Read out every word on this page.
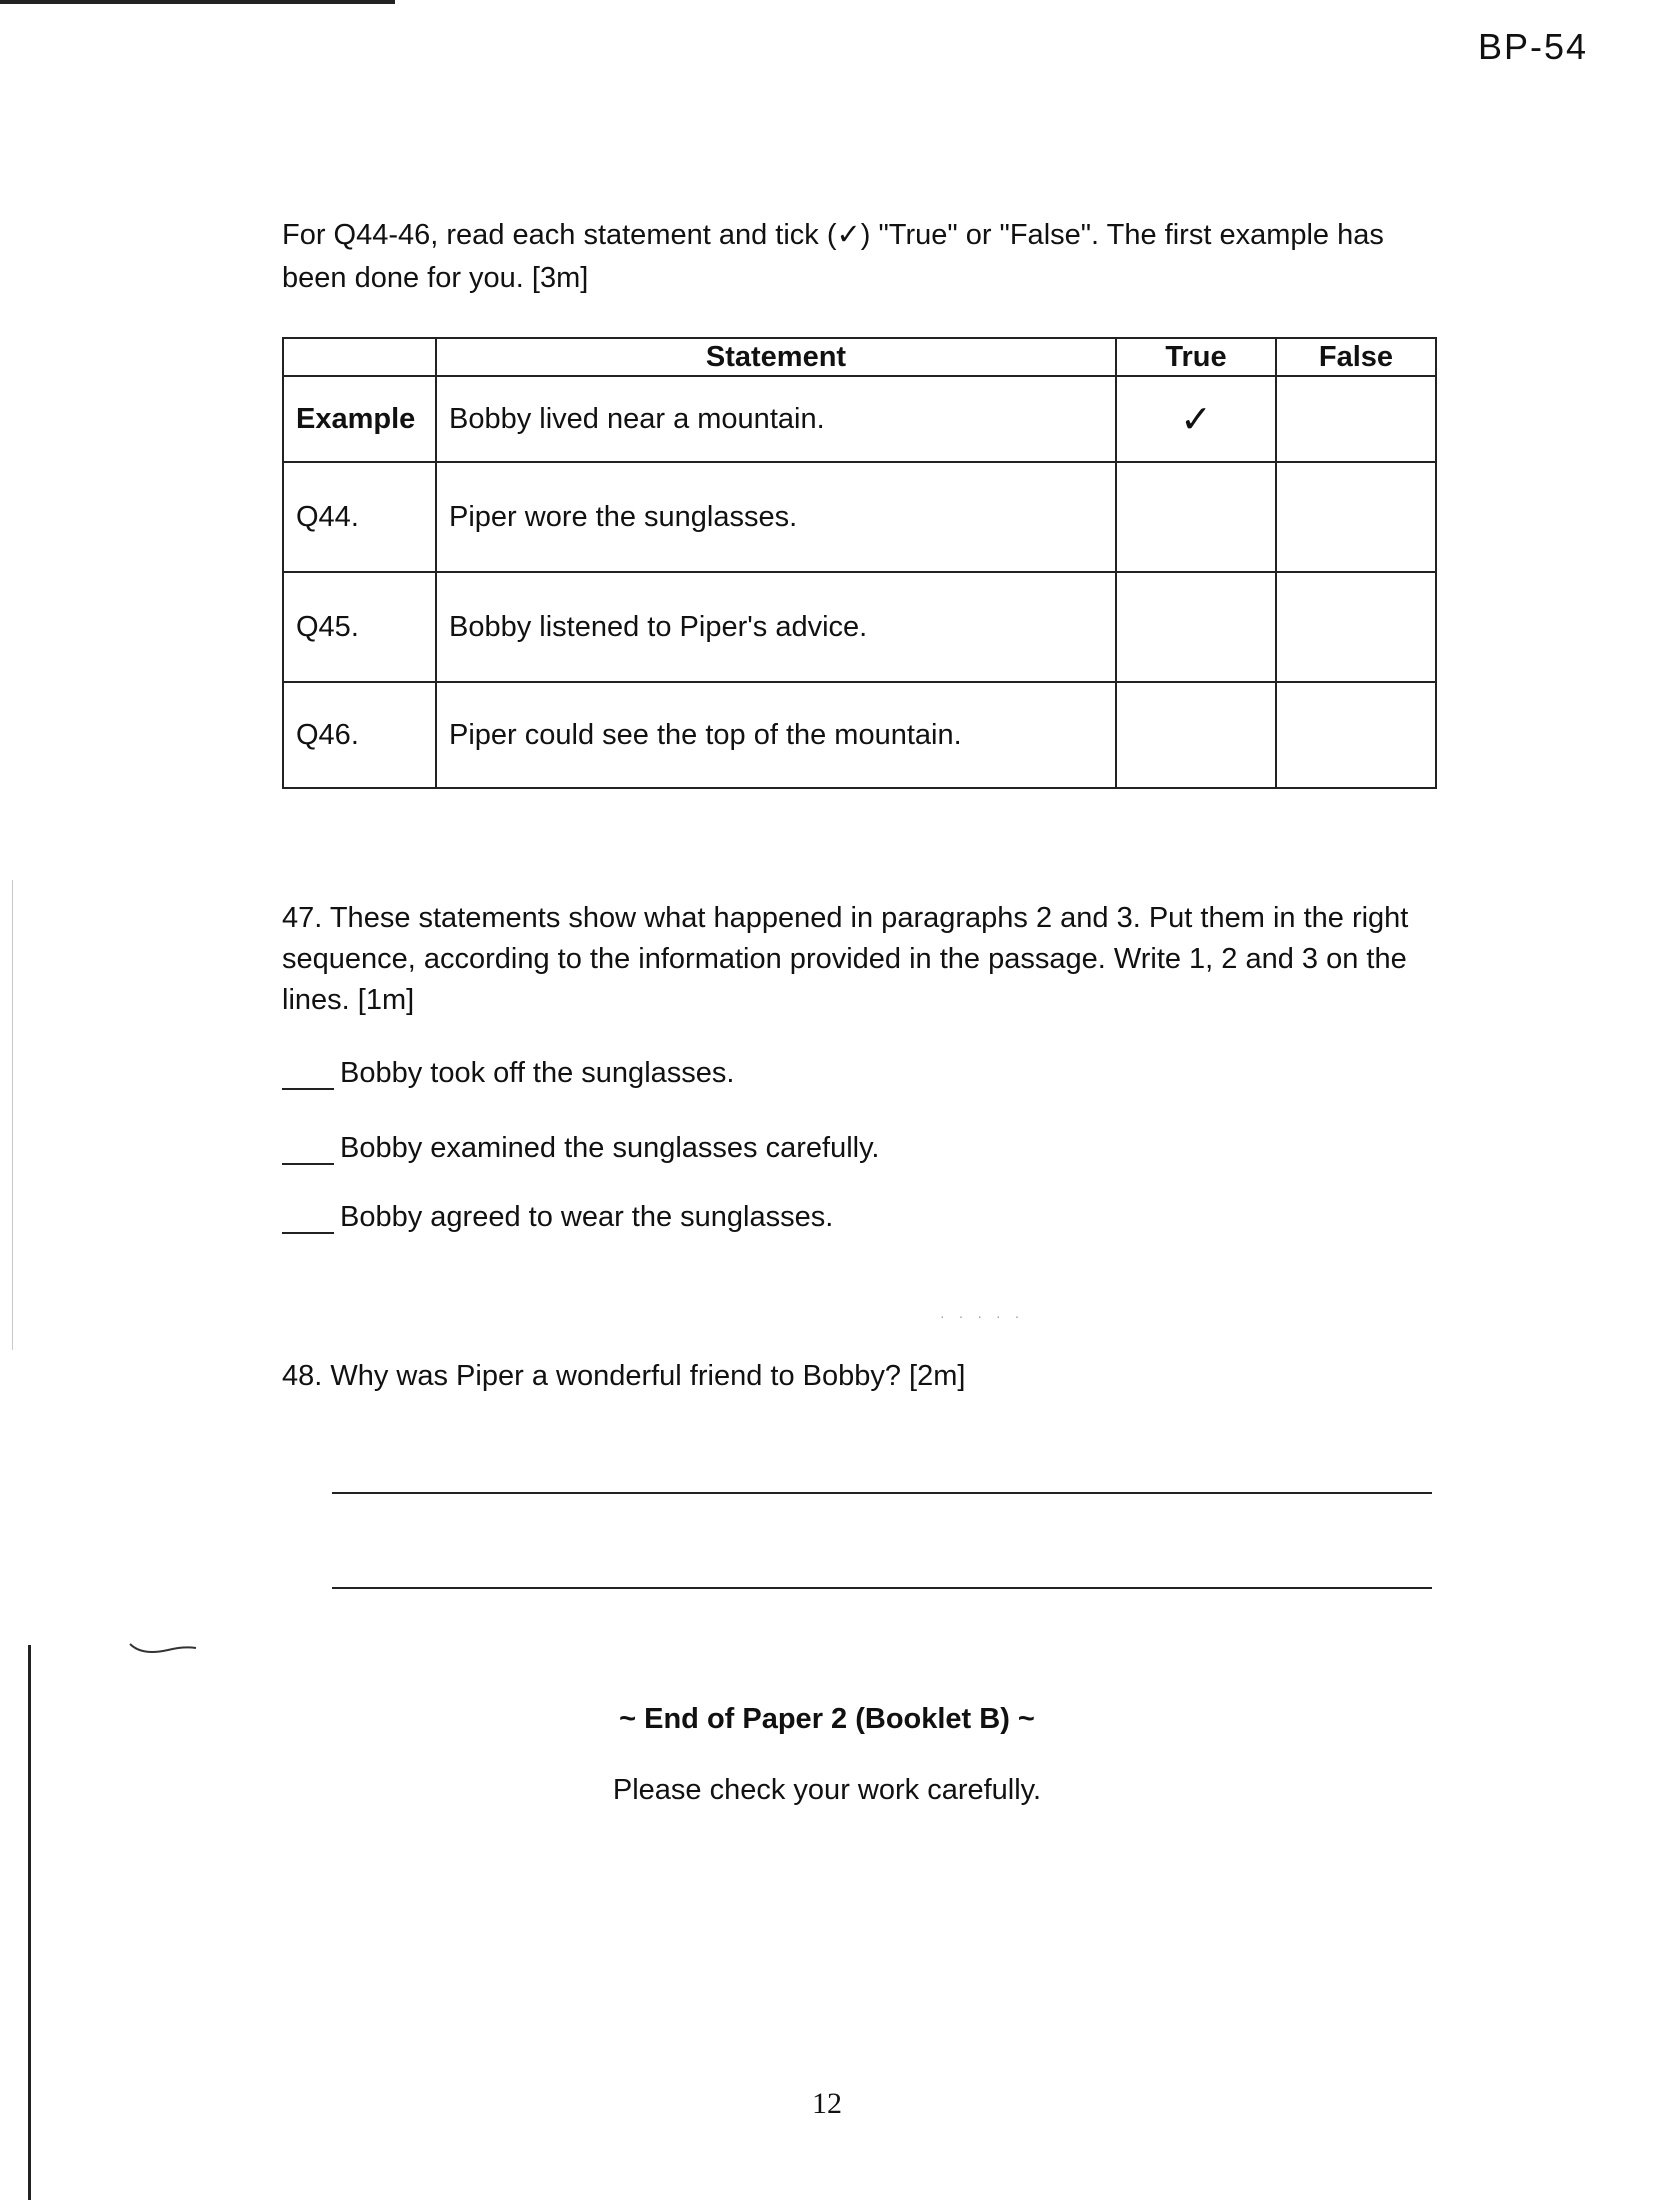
BP-54
For Q44-46, read each statement and tick (✓) "True" or "False". The first example has been done for you. [3m]
	Statement	True	False
Example	Bobby lived near a mountain.	✓	
Q44.	Piper wore the sunglasses.		
Q45.	Bobby listened to Piper's advice.		
Q46.	Piper could see the top of the mountain.		
47. These statements show what happened in paragraphs 2 and 3. Put them in the right sequence, according to the information provided in the passage. Write 1, 2 and 3 on the lines. [1m]
Bobby took off the sunglasses.
Bobby examined the sunglasses carefully.
Bobby agreed to wear the sunglasses.
·····
48. Why was Piper a wonderful friend to Bobby? [2m]
~ End of Paper 2 (Booklet B) ~
Please check your work carefully.
12
